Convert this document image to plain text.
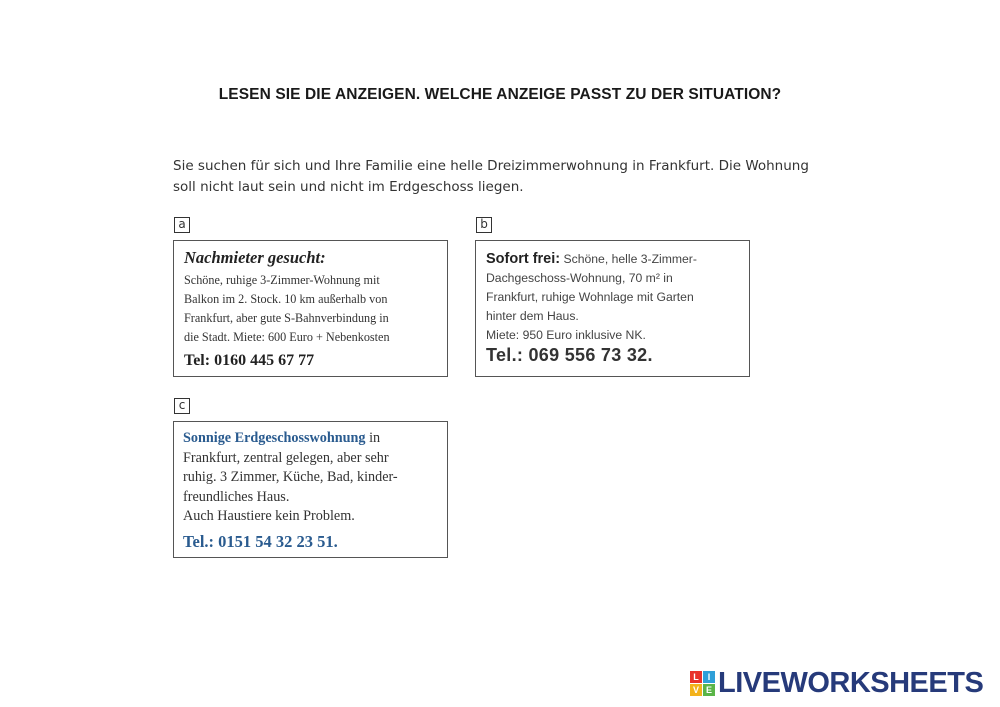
LESEN SIE DIE ANZEIGEN. WELCHE ANZEIGE PASST ZU DER SITUATION?
Sie suchen für sich und Ihre Familie eine helle Dreizimmerwohnung in Frankfurt. Die Wohnung
soll nicht laut sein und nicht im Erdgeschoss liegen.
a
Nachmieter gesucht:
Schöne, ruhige 3-Zimmer-Wohnung mit
Balkon im 2. Stock. 10 km außerhalb von
Frankfurt, aber gute S-Bahnverbindung in
die Stadt. Miete: 600 Euro + Nebenkosten
Tel: 0160 445 67 77
b
Sofort frei: Schöne, helle 3-Zimmer-
Dachgeschoss-Wohnung, 70 m² in
Frankfurt, ruhige Wohnlage mit Garten
hinter dem Haus.
Miete: 950 Euro inklusive NK.
Tel.: 069 556 73 32.
c
Sonnige Erdgeschosswohnung in
Frankfurt, zentral gelegen, aber sehr
ruhig. 3 Zimmer, Küche, Bad, kinder-
freundliches Haus.
Auch Haustiere kein Problem.
Tel.: 0151 54 32 23 51.
L I
V E LIVEWORKSHEETS
